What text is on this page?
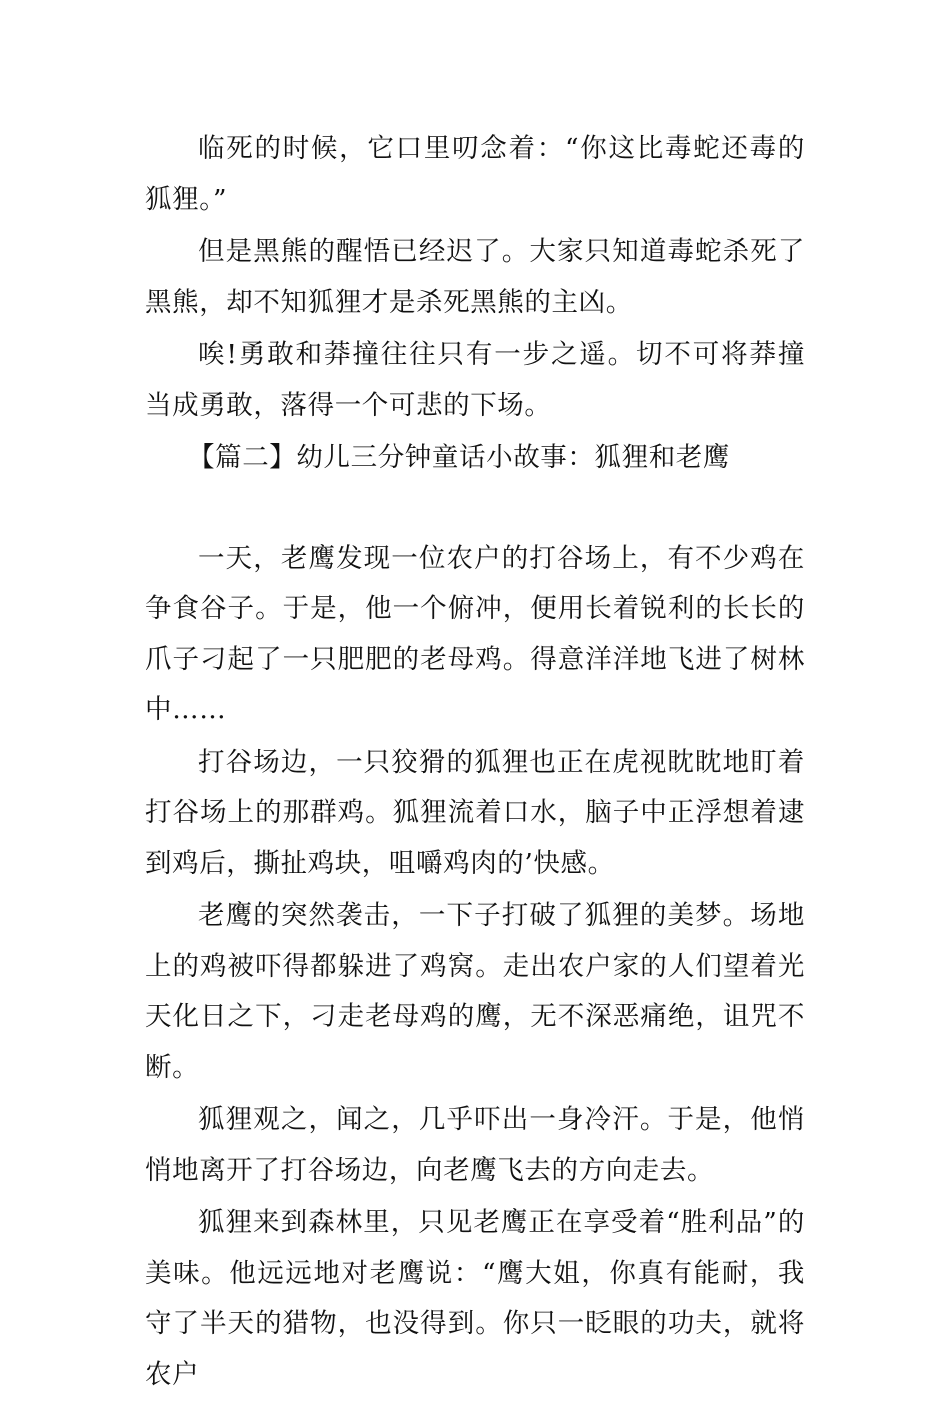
临死的时候，它口里叨念着：“你这比毒蛇还毒的狐狸。”

但是黑熊的醒悟已经迟了。大家只知道毒蛇杀死了黑熊，却不知狐狸才是杀死黑熊的主凶。

唉!勇敢和莽撞往往只有一步之遥。切不可将莽撞当成勇敢，落得一个可悲的下场。

【篇二】幼儿三分钟童话小故事：狐狸和老鹰

一天，老鹰发现一位农户的打谷场上，有不少鸡在争食谷子。于是，他一个俯冲，便用长着锐利的长长的爪子刁起了一只肥肥的老母鸡。得意洋洋地飞进了树林中……

打谷场边，一只狡猾的狐狸也正在虎视眈眈地盯着打谷场上的那群鸡。狐狸流着口水，脑子中正浮想着逮到鸡后，撕扯鸡块，咀嚼鸡肉的’快感。

老鹰的突然袭击，一下子打破了狐狸的美梦。场地上的鸡被吓得都躲进了鸡窝。走出农户家的人们望着光天化日之下，刁走老母鸡的鹰，无不深恶痛绝，诅咒不断。

狐狸观之，闻之，几乎吓出一身冷汗。于是，他悄悄地离开了打谷场边，向老鹰飞去的方向走去。

狐狸来到森林里，只见老鹰正在享受着“胜利品”的美味。他远远地对老鹰说：“鹰大姐，你真有能耐，我守了半天的猎物，也没得到。你只一眨眼的功夫，就将农户
